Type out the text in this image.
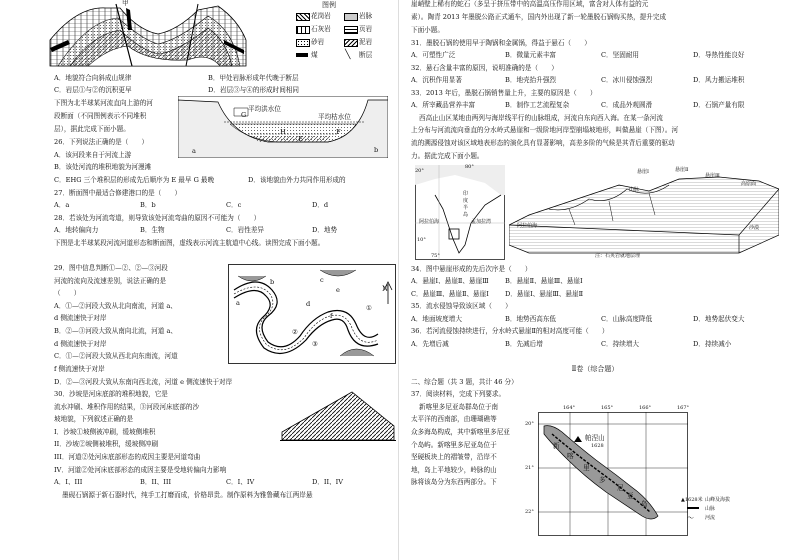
甲	图例
花岗岩	岩脉
石灰岩	页岩
砂岩	泥岩
煤	╲ 断层
A．地貌符合向斜成山规律	B．甲处岩脉形成年代晚于断层
C．岩层①与②的沉积更早	D．岩层③与④的形成时间相同
下图为北半球某河流直向上游的河
段断面（不同图例表示不同堆积
层），据此完成下面小题。
平均洪水位
平均枯水位
a	b
G
H
E
F
26．下列说法正确的是（　　）
A．该河段来自于河流上游
B．该处河流的堆积地貌为河漫滩
C．EHG 三个堆积层的形成先后顺序为 E 最早 G 最晚	D．该地貌由外力共同作用形成的
27．断面图中最适合修建港口的是（　　）
A．a	B．b	C．c	D．d
28．若该处为河流弯道，则导致该处河流弯曲的原因不可能为（　　）
A．地转偏向力	B．生物	C．岩性差异	D．地势
下图是北半球某段河流河道形态和断面图，虚线表示河流主航道中心线。读图完成下面小题。
29．图中信息判断①—②、②—③河段
河流的流向及流速差别，说法正确的是
（　　）	N
a
b	c
d
e
f
①
②
③
A．①—②河段大致从北向南流，河道 a、
d 侧流速快于对岸
B．②—③河段大致从南向北流，河道 a、
d 侧流速快于对岸
C．①—②河段大致从西北向东南流，河道
f 侧流速快于对岸
D．②—③河段大致从东南向西北流，河道 e 侧流速快于对岸
30．沙坡是河床底部的堆积地貌，它是
流水冲刷、堆积作用的结果，③河段河床底部的沙
坡地貌，下列叙述正确的是
I．沙坡①坡侧被冲刷，缓坡侧堆积
II．沙坡②坡侧被堆积，缓坡侧冲刷
III．河道②处河床底部形态的成因主要是河道弯曲
IV．河道②处河床底部形态的成因主要是受地转偏向力影响
A．I、III	B．II、III	C．I、IV	D．II、IV
墨砚石锅源于新石器时代，纯手工打磨而成，价格昂贵。制作原料为雅鲁藏布江两岸悬
崖峭壁上稀有的蛇石（多呈于挤压带中的高温高压作用区域，富含对人体有益的元
素）。陶青 2013 年墨脱公路正式通车，国内外出现了新一轮墨脱石锅购买热，提升完成
下面小题。
31．墨脱石锅的使用早于陶锅和金属锅，得益于悬石（　　）
A．可塑性广泛	B．微量元素丰富	C．坚固耐用	D．导热性能良好
32．悬石含量丰富的原因，说明准确的是（　　）
A．沉积作用显著	B．地壳抬升强烈	C．冰川侵蚀强烈	D．风力搬运堆积
33．2013 年后，墨脱石锅销售量上升，主要的原因是（　　）
A．所宰藏品营养丰富	B．制作工艺流程复杂	C．成品外观圆滑	D．石锅产量有限
西高止山区某地由两列与海岸线平行的山脉组成，河流自东向西入海。在某一条河流
上分布与河流流向垂直的分水岭式悬崖和一级阶地河岸型崩塌坡地形，叫做悬崖（下图）。河
流的溯源侵蚀对该区域地表形态的演化具有显著影响，高差多阶的气候是其背后重要的驱动
力。据此完成下面小题。
20°
80°
印
度
半
岛
阿拉伯海	孟加拉湾
75°
10°
悬崖Ⅰ	悬崖Ⅱ
悬崖Ⅲ
山脉
高原面
沙漠
阿拉伯海
注：石英岩就地层理
34．图中悬崖形成的先后次序是（　　）
A．悬崖Ⅰ、悬崖Ⅱ、悬崖Ⅲ B．悬崖Ⅱ、悬崖Ⅲ、悬崖Ⅰ
C．悬崖Ⅲ、悬崖Ⅱ、悬崖Ⅰ D．悬崖Ⅰ、悬崖Ⅲ、悬崖Ⅱ
35．流水侵蚀导致该区域（　　）
A．地面坡度增大	B．地势西高东低	C．山脉高度降低	D．地势起伏变大
36．若河流侵蚀持续进行，分水岭式悬崖Ⅱ的相对高度可能（　　）
A．先增后减	B．先减后增	C．持续增大	D．持续减小
Ⅱ卷（综合题）
二、综合题（共 3 题，共计 46 分）
37．阅读材料，完成下列要求。
新喀里多尼亚岛群岛位于南
太平洋的西南部，由珊瑚礁等
众多海岛构成，其中新喀里多尼亚
个岛屿。新喀里多尼亚岛位于
坚硬板块上的褶皱带，沿岸不
地，岛上平地较少，岭脉的山
脉将该岛分为东西两部分。下
164°	165°	166°	167°
20°
21°
22°
帕涅山
1628
新
喀
里
多
尼
亚
岛	▲1628米 山峰及海拔
山脉
〜 河流
